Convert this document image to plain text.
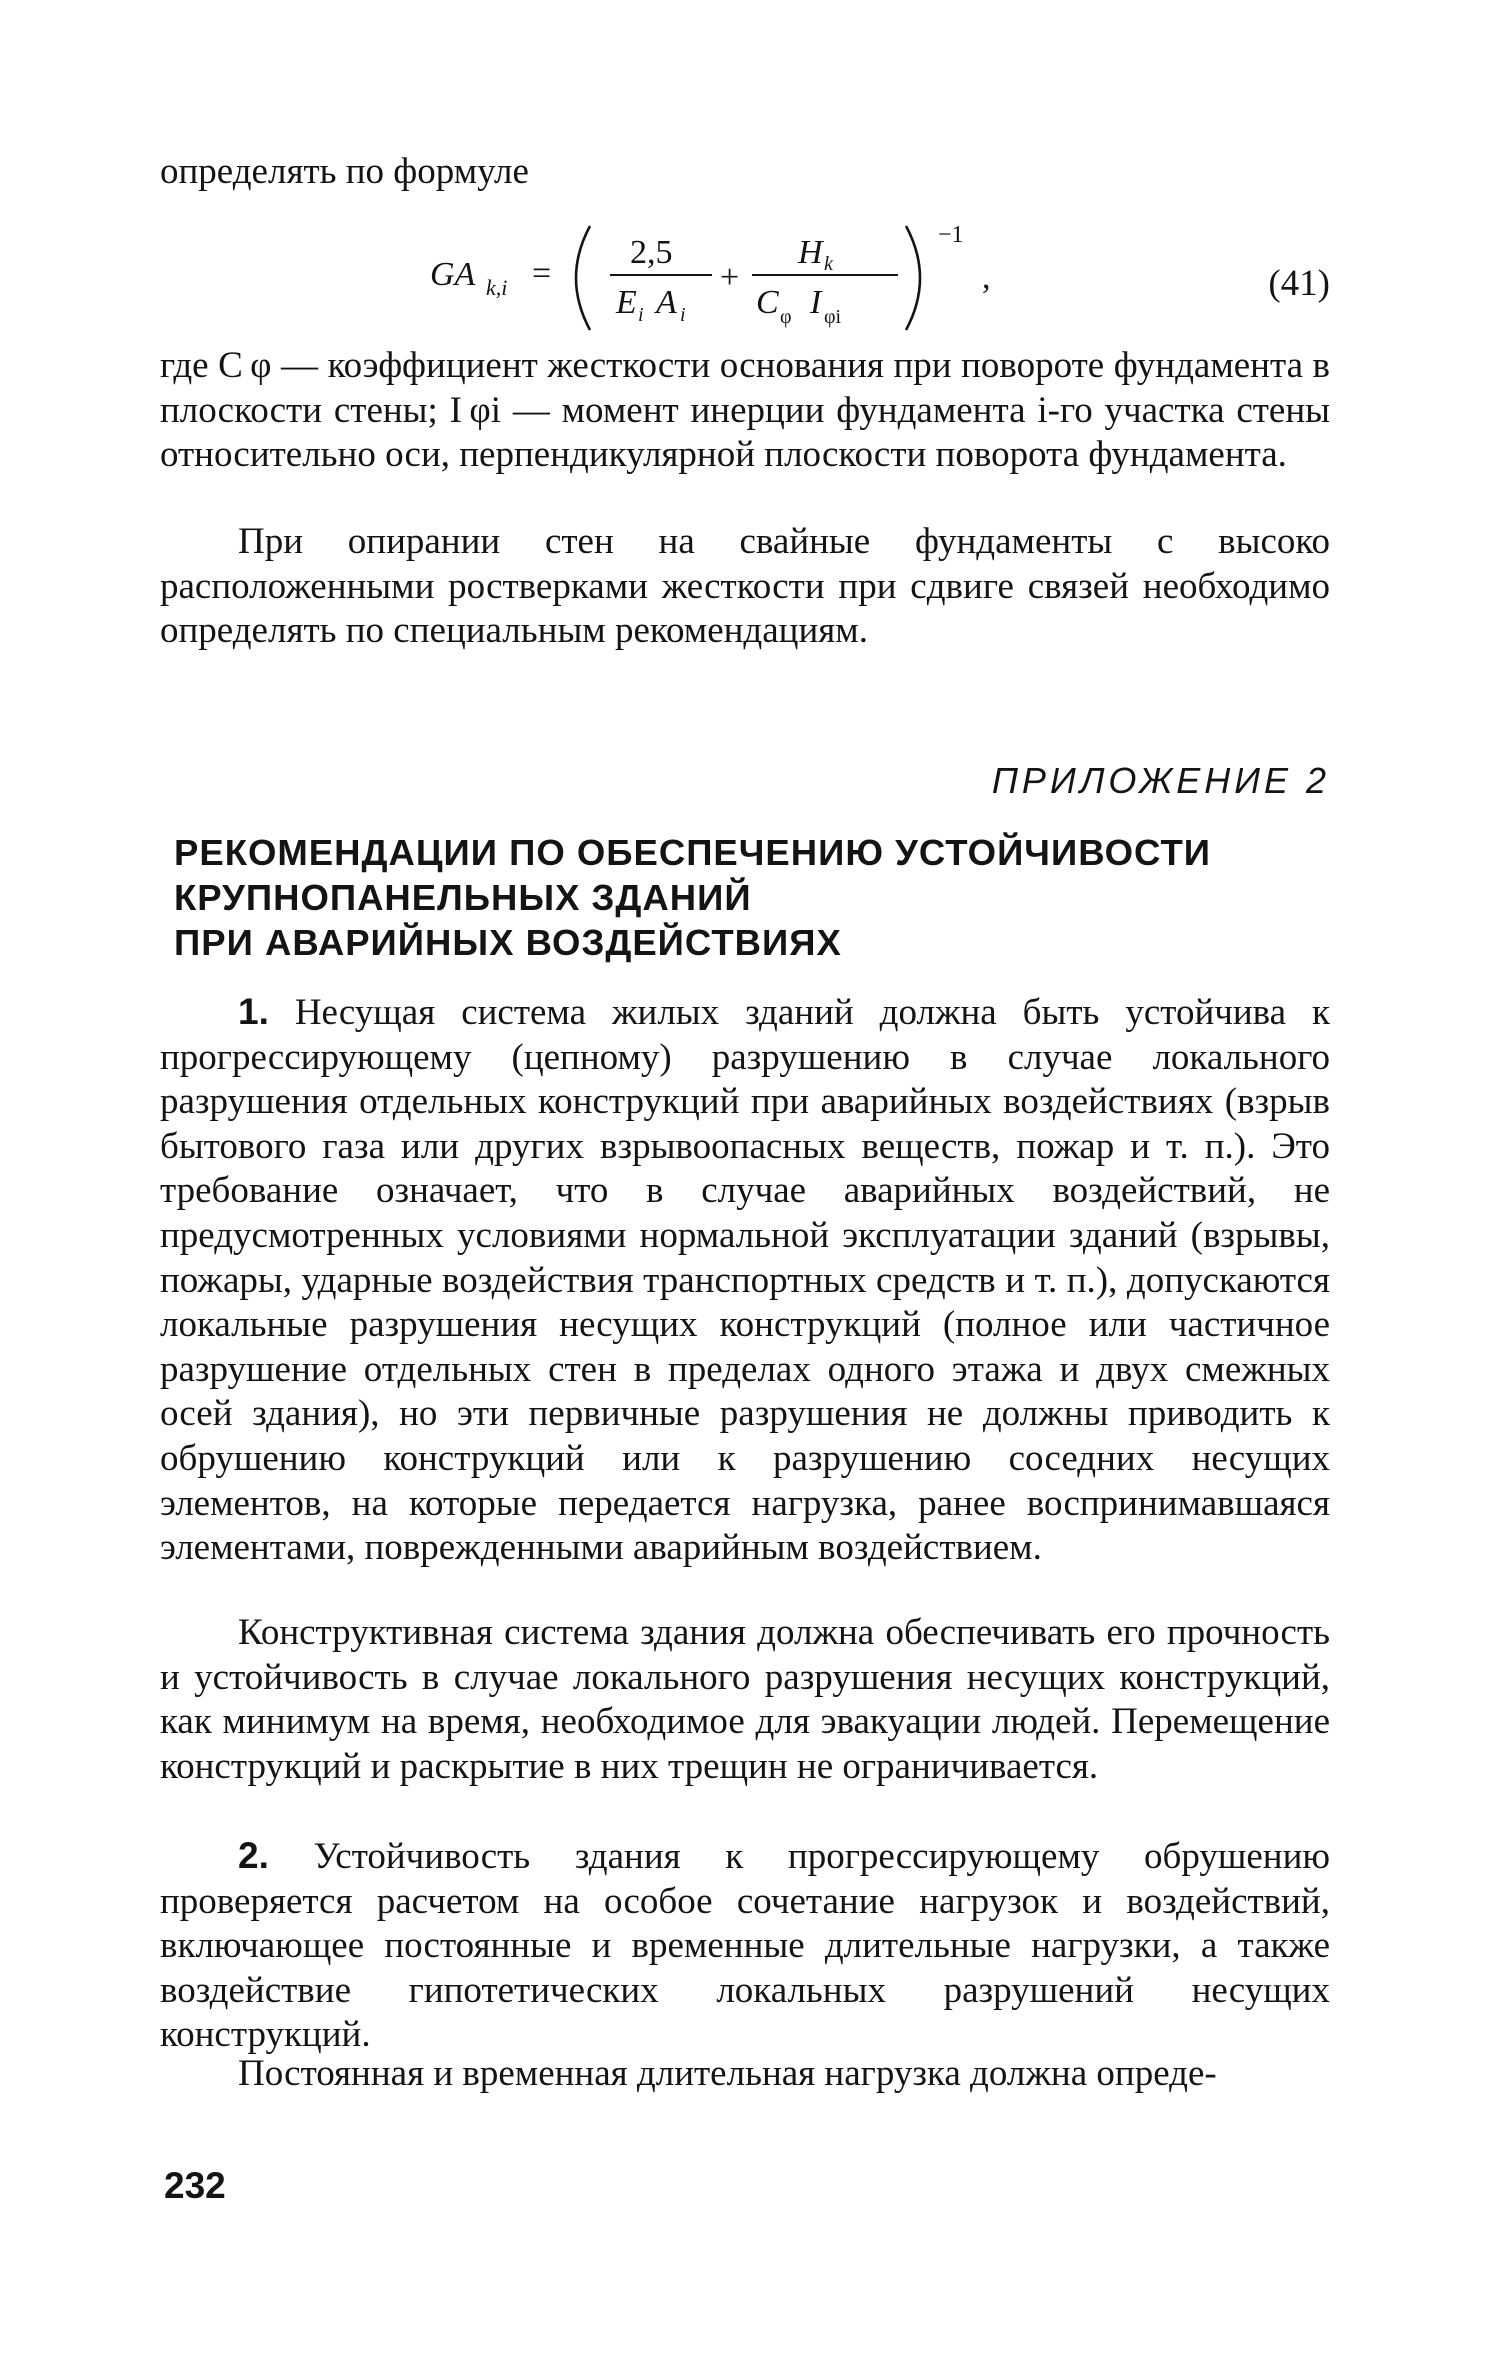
определять по формуле

GA k,i =
2,5
E i A i
+
H k
C φ I φi
−1
,	(41)

где C φ — коэффициент жесткости основания при повороте фундамента в плоскости стены; I φi — момент инерции фундамента i-го участка стены относительно оси, перпендикулярной плоскости поворота фундамента.

При опирании стен на свайные фундаменты с высоко расположенными ростверками жесткости при сдвиге связей необходимо определять по специальным рекомендациям.

ПРИЛОЖЕНИЕ 2
РЕКОМЕНДАЦИИ ПО ОБЕСПЕЧЕНИЮ УСТОЙЧИВОСТИ
КРУПНОПАНЕЛЬНЫХ ЗДАНИЙ
ПРИ АВАРИЙНЫХ ВОЗДЕЙСТВИЯХ

1. Несущая система жилых зданий должна быть устойчива к прогрессирующему (цепному) разрушению в случае локального разрушения отдельных конструкций при аварийных воздействиях (взрыв бытового газа или других взрывоопасных веществ, пожар и т. п.). Это требование означает, что в случае аварийных воздействий, не предусмотренных условиями нормальной эксплуатации зданий (взрывы, пожары, ударные воздействия транспортных средств и т. п.), допускаются локальные разрушения несущих конструкций (полное или частичное разрушение отдельных стен в пределах одного этажа и двух смежных осей здания), но эти первичные разрушения не должны приводить к обрушению конструкций или к разрушению соседних несущих элементов, на которые передается нагрузка, ранее воспринимавшаяся элементами, поврежденными аварийным воздействием.

Конструктивная система здания должна обеспечивать его прочность и устойчивость в случае локального разрушения несущих конструкций, как минимум на время, необходимое для эвакуации людей. Перемещение конструкций и раскрытие в них трещин не ограничивается.

2. Устойчивость здания к прогрессирующему обрушению проверяется расчетом на особое сочетание нагрузок и воздействий, включающее постоянные и временные длительные нагрузки, а также воздействие гипотетических локальных разрушений несущих конструкций.

Постоянная и временная длительная нагрузка должна опреде-

232
